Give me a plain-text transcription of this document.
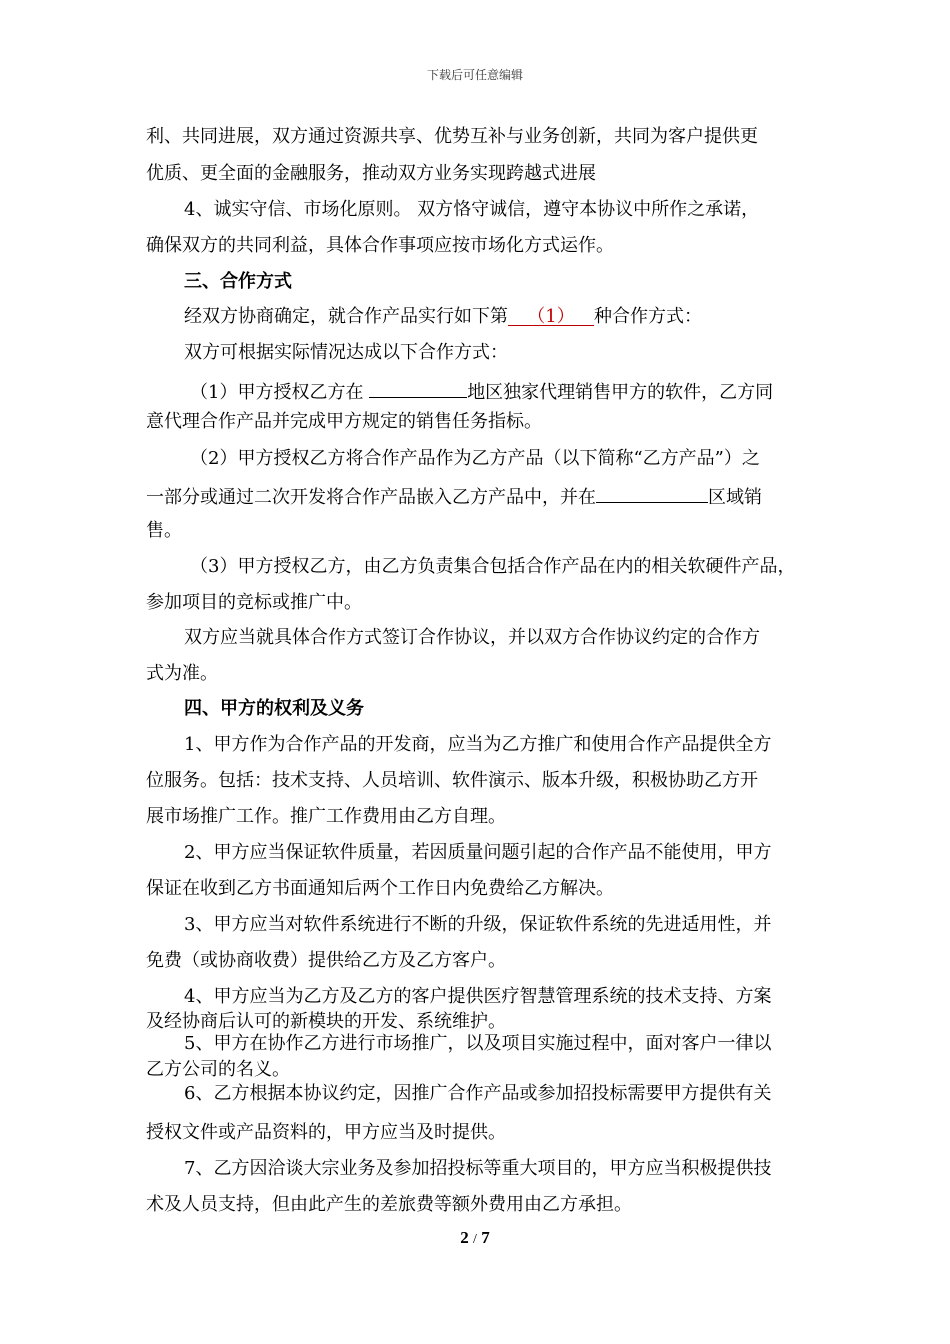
下载后可任意编辑
利、共同进展，双方通过资源共享、优势互补与业务创新，共同为客户提供更
优质、更全面的金融服务，推动双方业务实现跨越式进展
4、诚实守信、市场化原则。 双方恪守诚信，遵守本协议中所作之承诺，
确保双方的共同利益，具体合作事项应按市场化方式运作。
三、合作方式
经双方协商确定，就合作产品实行如下第 （1） 种合作方式：
双方可根据实际情况达成以下合作方式：
（1）甲方授权乙方在	地区独家代理销售甲方的软件，乙方同
意代理合作产品并完成甲方规定的销售任务指标。
（2）甲方授权乙方将合作产品作为乙方产品（以下简称“乙方产品”）之
一部分或通过二次开发将合作产品嵌入乙方产品中，并在	区域销
售。
（3）甲方授权乙方，由乙方负责集合包括合作产品在内的相关软硬件产品，
参加项目的竞标或推广中。
双方应当就具体合作方式签订合作协议，并以双方合作协议约定的合作方
式为准。
四、甲方的权利及义务
1、甲方作为合作产品的开发商，应当为乙方推广和使用合作产品提供全方
位服务。包括：技术支持、人员培训、软件演示、版本升级，积极协助乙方开
展市场推广工作。推广工作费用由乙方自理。
2、甲方应当保证软件质量，若因质量问题引起的合作产品不能使用，甲方
保证在收到乙方书面通知后两个工作日内免费给乙方解决。
3、甲方应当对软件系统进行不断的升级，保证软件系统的先进适用性，并
免费（或协商收费）提供给乙方及乙方客户。
4、甲方应当为乙方及乙方的客户提供医疗智慧管理系统的技术支持、方案
及经协商后认可的新模块的开发、系统维护。
5、甲方在协作乙方进行市场推广，以及项目实施过程中，面对客户一律以
乙方公司的名义。
6、乙方根据本协议约定，因推广合作产品或参加招投标需要甲方提供有关
授权文件或产品资料的，甲方应当及时提供。
7、乙方因洽谈大宗业务及参加招投标等重大项目的，甲方应当积极提供技
术及人员支持，但由此产生的差旅费等额外费用由乙方承担。
2 / 7
